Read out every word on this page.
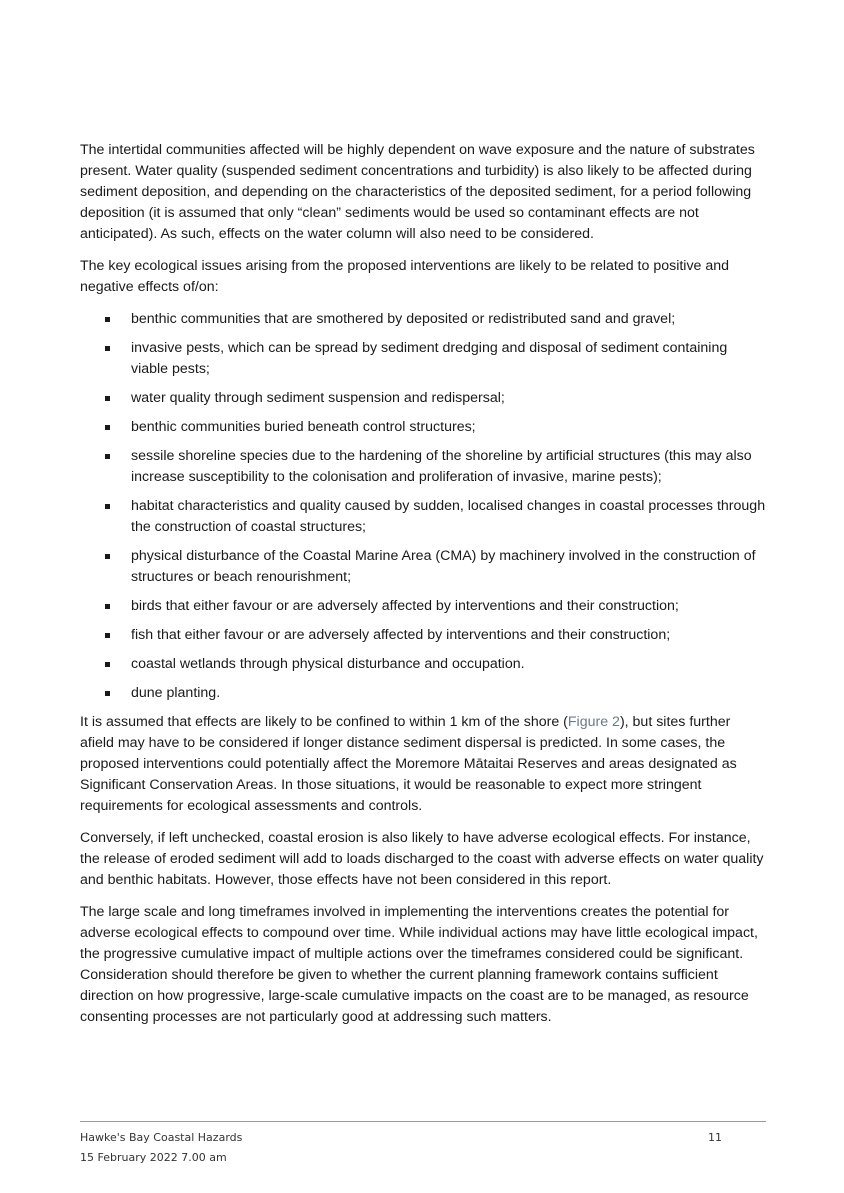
The intertidal communities affected will be highly dependent on wave exposure and the nature of substrates present. Water quality (suspended sediment concentrations and turbidity) is also likely to be affected during sediment deposition, and depending on the characteristics of the deposited sediment, for a period following deposition (it is assumed that only “clean” sediments would be used so contaminant effects are not anticipated). As such, effects on the water column will also need to be considered.

The key ecological issues arising from the proposed interventions are likely to be related to positive and negative effects of/on:

benthic communities that are smothered by deposited or redistributed sand and gravel;
invasive pests, which can be spread by sediment dredging and disposal of sediment containing viable pests;
water quality through sediment suspension and redispersal;
benthic communities buried beneath control structures;
sessile shoreline species due to the hardening of the shoreline by artificial structures (this may also increase susceptibility to the colonisation and proliferation of invasive, marine pests);
habitat characteristics and quality caused by sudden, localised changes in coastal processes through the construction of coastal structures;
physical disturbance of the Coastal Marine Area (CMA) by machinery involved in the construction of structures or beach renourishment;
birds that either favour or are adversely affected by interventions and their construction;
fish that either favour or are adversely affected by interventions and their construction;
coastal wetlands through physical disturbance and occupation.
dune planting.

It is assumed that effects are likely to be confined to within 1 km of the shore (Figure 2), but sites further afield may have to be considered if longer distance sediment dispersal is predicted. In some cases, the proposed interventions could potentially affect the Moremore Mātaitai Reserves and areas designated as Significant Conservation Areas. In those situations, it would be reasonable to expect more stringent requirements for ecological assessments and controls.

Conversely, if left unchecked, coastal erosion is also likely to have adverse ecological effects. For instance, the release of eroded sediment will add to loads discharged to the coast with adverse effects on water quality and benthic habitats. However, those effects have not been considered in this report.

The large scale and long timeframes involved in implementing the interventions creates the potential for adverse ecological effects to compound over time. While individual actions may have little ecological impact, the progressive cumulative impact of multiple actions over the timeframes considered could be significant. Consideration should therefore be given to whether the current planning framework contains sufficient direction on how progressive, large-scale cumulative impacts on the coast are to be managed, as resource consenting processes are not particularly good at addressing such matters.

Hawke's Bay Coastal Hazards
15 February 2022 7.00 am
11
